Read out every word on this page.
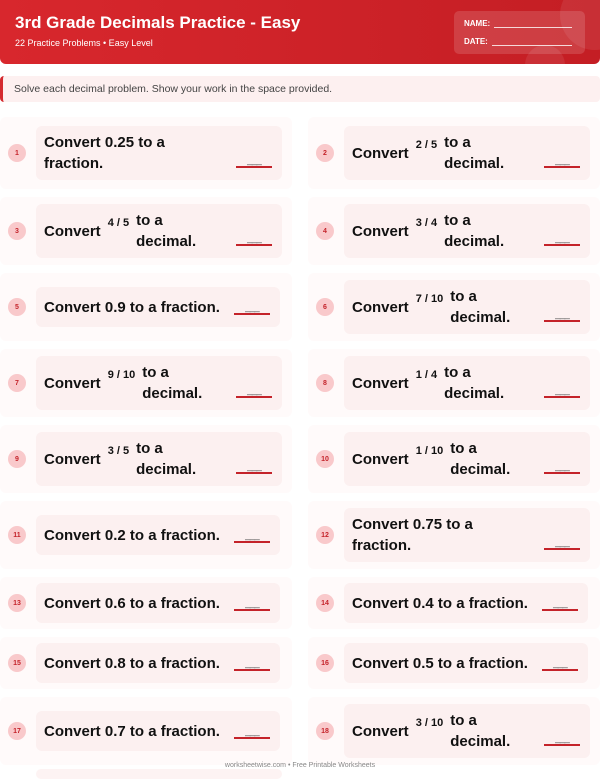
3rd Grade Decimals Practice - Easy
22 Practice Problems • Easy Level
NAME:
DATE:
Solve each decimal problem. Show your work in the space provided.
1
Convert 0.25 to a fraction.	___
2	Convert 2 / 5 to a decimal.	___
3	Convert 4 / 5 to a decimal.	___
4	Convert 3 / 4 to a decimal.	___
5	Convert 0.9 to a fraction.	___	6	Convert 7 / 10 to a decimal.	___
7	Convert 9 / 10 to a decimal.	___
8	Convert 1 / 4 to a decimal.	___
9	Convert 3 / 5 to a decimal.	___
10	Convert 1 / 10 to a decimal.	___
11	Convert 0.2 to a fraction.	___	12
Convert 0.75 to a fraction.	___
13	Convert 0.6 to a fraction.	___	14	Convert 0.4 to a fraction.	___
15	Convert 0.8 to a fraction.	___	16	Convert 0.5 to a fraction.	___
17	Convert 0.7 to a fraction.	___	18	Convert 3 / 10 to a decimal.	___
worksheetwise.com • Free Printable Worksheets
